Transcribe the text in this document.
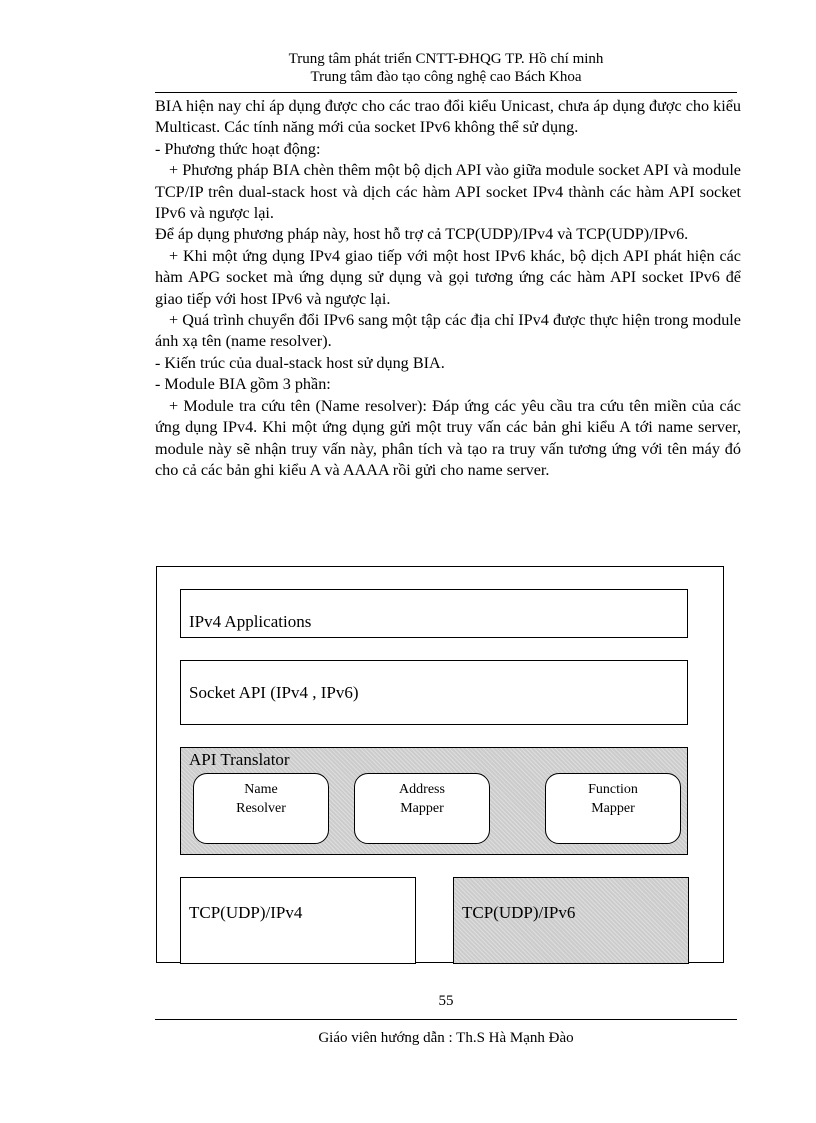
Trung tâm phát triển CNTT-ĐHQG TP. Hồ chí minh
Trung tâm đào tạo công nghệ cao Bách Khoa

BIA hiện nay chỉ áp dụng được cho các trao đổi kiểu Unicast, chưa áp dụng được cho kiểu Multicast. Các tính năng mới của socket IPv6 không thể sử dụng.

- Phương thức hoạt động:

+ Phương pháp BIA chèn thêm một bộ dịch API vào giữa module socket API và module TCP/IP trên dual-stack host và dịch các hàm API socket IPv4 thành các hàm API socket IPv6 và ngược lại.

Để áp dụng phương pháp này, host hỗ trợ cả TCP(UDP)/IPv4 và TCP(UDP)/IPv6.

+ Khi một ứng dụng IPv4 giao tiếp với một host IPv6 khác, bộ dịch API phát hiện các hàm APG socket mà ứng dụng sử dụng và gọi tương ứng các hàm API socket IPv6 để giao tiếp với host IPv6 và ngược lại.

+ Quá trình chuyển đổi IPv6 sang một tập các địa chỉ IPv4 được thực hiện trong module ánh xạ tên (name resolver).

- Kiến trúc của dual-stack host sử dụng BIA.

- Module BIA gồm 3 phần:

+ Module tra cứu tên (Name resolver): Đáp ứng các yêu cầu tra cứu tên miền của các ứng dụng IPv4. Khi một ứng dụng gửi một truy vấn các bản ghi kiểu A tới name server, module này sẽ nhận truy vấn này, phân tích và tạo ra truy vấn tương ứng với tên máy đó cho cả các bản ghi kiểu A và AAAA rồi gửi cho name server.

IPv4 Applications
Socket API (IPv4 , IPv6)
API Translator
Name
Resolver
Address
Mapper
Function
Mapper
TCP(UDP)/IPv4	TCP(UDP)/IPv6
55
Giáo viên hướng dẫn : Th.S Hà Mạnh Đào
